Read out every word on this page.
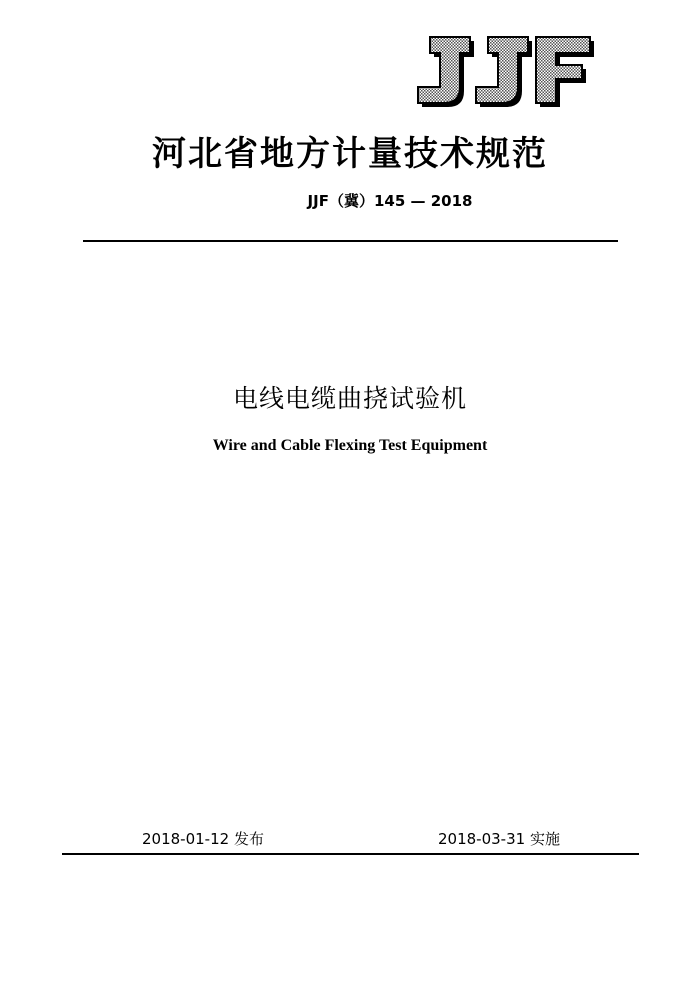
河北省地方计量技术规范
JJF（冀）145 — 2018
电线电缆曲挠试验机
Wire and Cable Flexing Test Equipment
2018-01-12 发布	2018-03-31 实施
